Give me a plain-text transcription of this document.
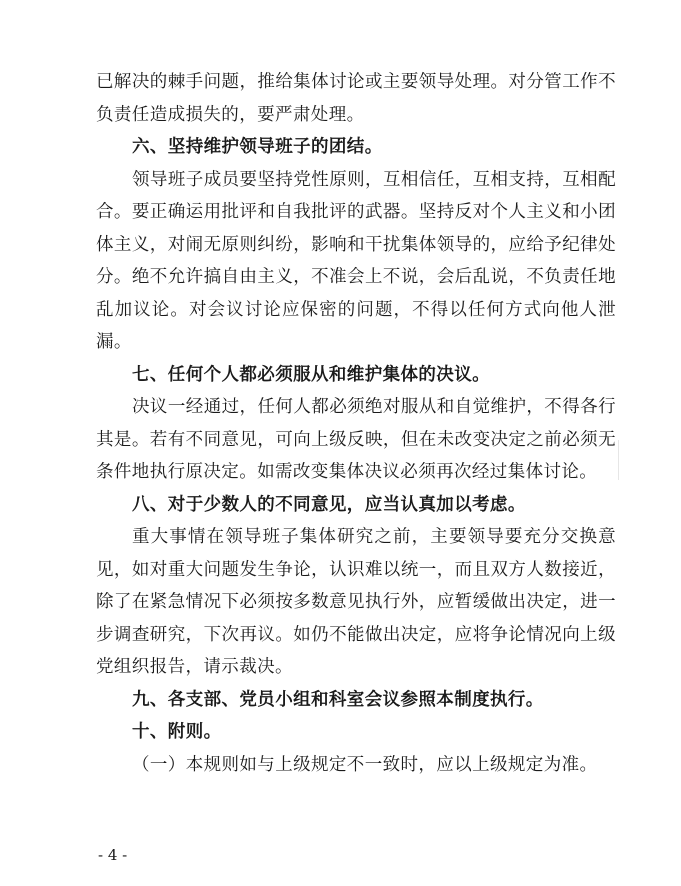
已解决的棘手问题，推给集体讨论或主要领导处理。对分管工作不负责任造成损失的，要严肃处理。

六、坚持维护领导班子的团结。

领导班子成员要坚持党性原则，互相信任，互相支持，互相配合。要正确运用批评和自我批评的武器。坚持反对个人主义和小团体主义，对闹无原则纠纷，影响和干扰集体领导的，应给予纪律处分。绝不允许搞自由主义，不准会上不说，会后乱说，不负责任地乱加议论。对会议讨论应保密的问题，不得以任何方式向他人泄漏。

七、任何个人都必须服从和维护集体的决议。

决议一经通过，任何人都必须绝对服从和自觉维护，不得各行其是。若有不同意见，可向上级反映，但在未改变决定之前必须无条件地执行原决定。如需改变集体决议必须再次经过集体讨论。

八、对于少数人的不同意见，应当认真加以考虑。

重大事情在领导班子集体研究之前，主要领导要充分交换意见，如对重大问题发生争论，认识难以统一，而且双方人数接近，除了在紧急情况下必须按多数意见执行外，应暂缓做出决定，进一步调查研究，下次再议。如仍不能做出决定，应将争论情况向上级党组织报告，请示裁决。

九、各支部、党员小组和科室会议参照本制度执行。

十、附则。

（一）本规则如与上级规定不一致时，应以上级规定为准。

- 4 -
